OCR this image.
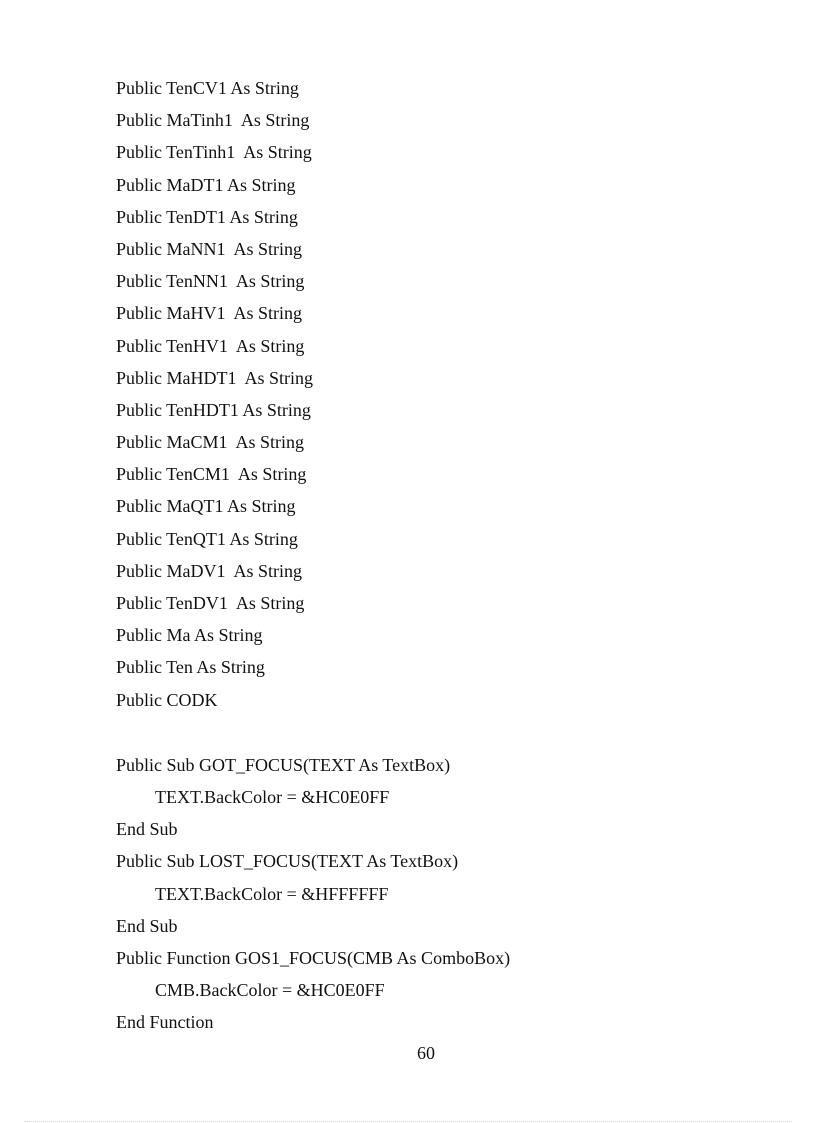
Public TenCV1 As String
Public MaTinh1  As String
Public TenTinh1  As String
Public MaDT1 As String
Public TenDT1 As String
Public MaNN1  As String
Public TenNN1  As String
Public MaHV1  As String
Public TenHV1  As String
Public MaHDT1  As String
Public TenHDT1 As String
Public MaCM1  As String
Public TenCM1  As String
Public MaQT1 As String
Public TenQT1 As String
Public MaDV1  As String
Public TenDV1  As String
Public Ma As String
Public Ten As String
Public CODK
Public Sub GOT_FOCUS(TEXT As TextBox)
TEXT.BackColor = &HC0E0FF
End Sub
Public Sub LOST_FOCUS(TEXT As TextBox)
TEXT.BackColor = &HFFFFFF
End Sub
Public Function GOS1_FOCUS(CMB As ComboBox)
CMB.BackColor = &HC0E0FF
End Function
60
